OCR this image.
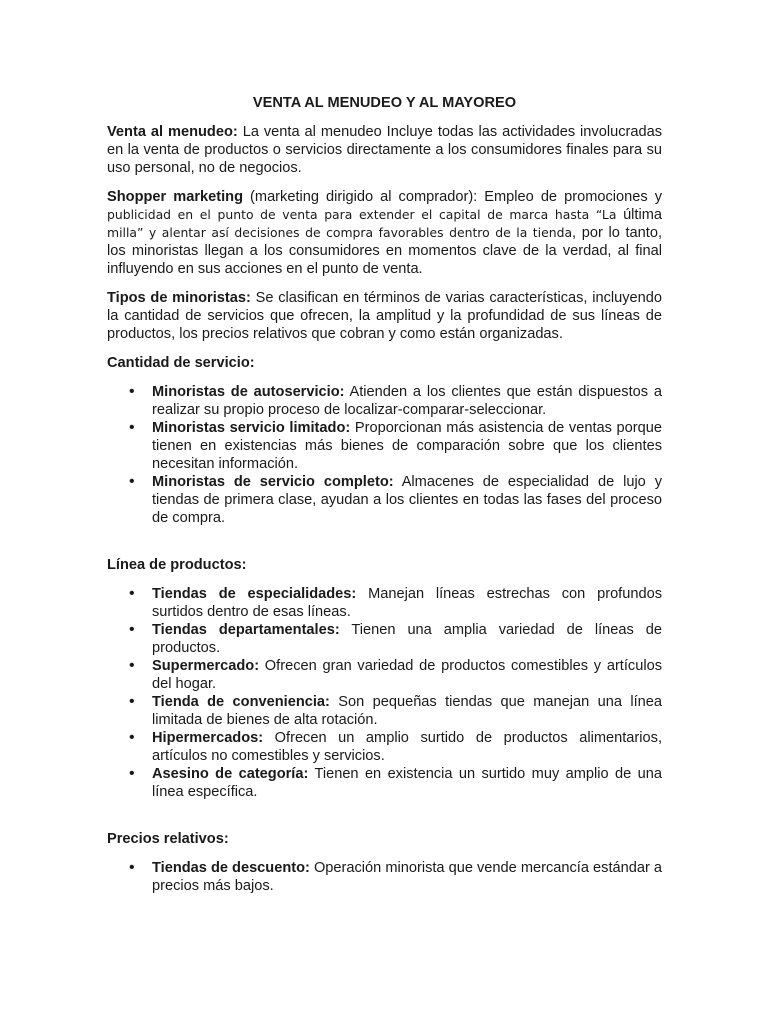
VENTA AL MENUDEO Y AL MAYOREO

Venta al menudeo: La venta al menudeo Incluye todas las actividades involucradas en la venta de productos o servicios directamente a los consumidores finales para su uso personal, no de negocios.

Shopper marketing (marketing dirigido al comprador): Empleo de promociones y publicidad en el punto de venta para extender el capital de marca hasta “La última milla” y alentar así decisiones de compra favorables dentro de la tienda, por lo tanto, los minoristas llegan a los consumidores en momentos clave de la verdad, al final influyendo en sus acciones en el punto de venta.

Tipos de minoristas: Se clasifican en términos de varias características, incluyendo la cantidad de servicios que ofrecen, la amplitud y la profundidad de sus líneas de productos, los precios relativos que cobran y como están organizadas.

Cantidad de servicio:
• Minoristas de autoservicio: Atienden a los clientes que están dispuestos a realizar su propio proceso de localizar-comparar-seleccionar.
• Minoristas servicio limitado: Proporcionan más asistencia de ventas porque tienen en existencias más bienes de comparación sobre que los clientes necesitan información.
• Minoristas de servicio completo: Almacenes de especialidad de lujo y tiendas de primera clase, ayudan a los clientes en todas las fases del proceso de compra.
Línea de productos:
• Tiendas de especialidades: Manejan líneas estrechas con profundos surtidos dentro de esas líneas.
• Tiendas departamentales: Tienen una amplia variedad de líneas de productos.
• Supermercado: Ofrecen gran variedad de productos comestibles y artículos del hogar.
• Tienda de conveniencia: Son pequeñas tiendas que manejan una línea limitada de bienes de alta rotación.
• Hipermercados: Ofrecen un amplio surtido de productos alimentarios, artículos no comestibles y servicios.
• Asesino de categoría: Tienen en existencia un surtido muy amplio de una línea específica.
Precios relativos:
• Tiendas de descuento: Operación minorista que vende mercancía estándar a precios más bajos.
